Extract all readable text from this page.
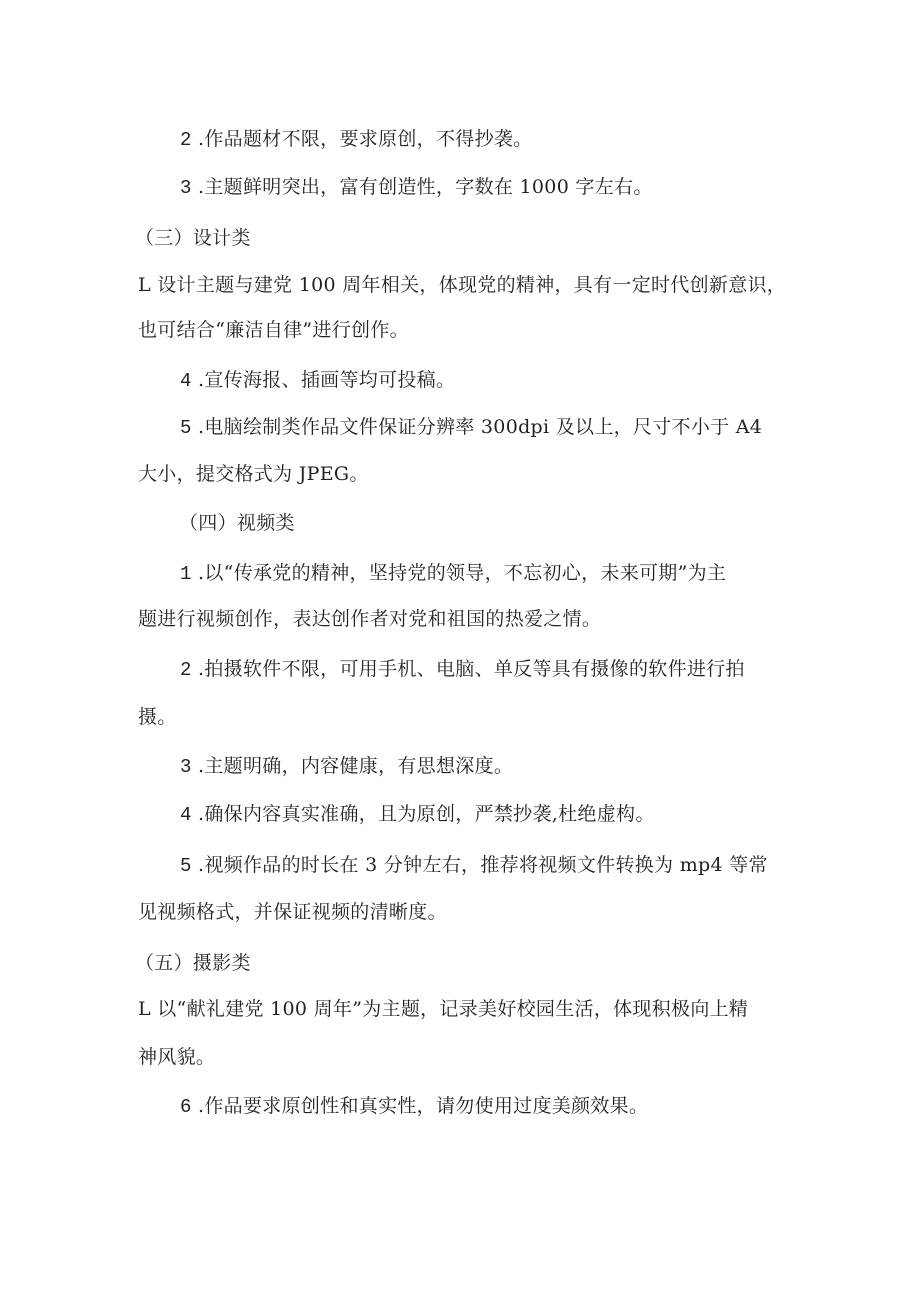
2 .作品题材不限，要求原创，不得抄袭。
3 .主题鲜明突出，富有创造性，字数在 1000 字左右。
（三）设计类
L 设计主题与建党 100 周年相关，体现党的精神，具有一定时代创新意识，
也可结合“廉洁自律”进行创作。
4 .宣传海报、插画等均可投稿。
5 .电脑绘制类作品文件保证分辨率 300dpi 及以上，尺寸不小于 A4
大小，提交格式为 JPEG。
（四）视频类
1 .以“传承党的精神，坚持党的领导，不忘初心，未来可期”为主
题进行视频创作，表达创作者对党和祖国的热爱之情。
2 .拍摄软件不限，可用手机、电脑、单反等具有摄像的软件进行拍
摄。
3 .主题明确，内容健康，有思想深度。
4 .确保内容真实准确，且为原创，严禁抄袭,杜绝虚构。
5 .视频作品的时长在 3 分钟左右，推荐将视频文件转换为 mp4 等常
见视频格式，并保证视频的清晰度。
（五）摄影类
L 以“献礼建党 100 周年”为主题，记录美好校园生活，体现积极向上精
神风貌。
6 .作品要求原创性和真实性，请勿使用过度美颜效果。
